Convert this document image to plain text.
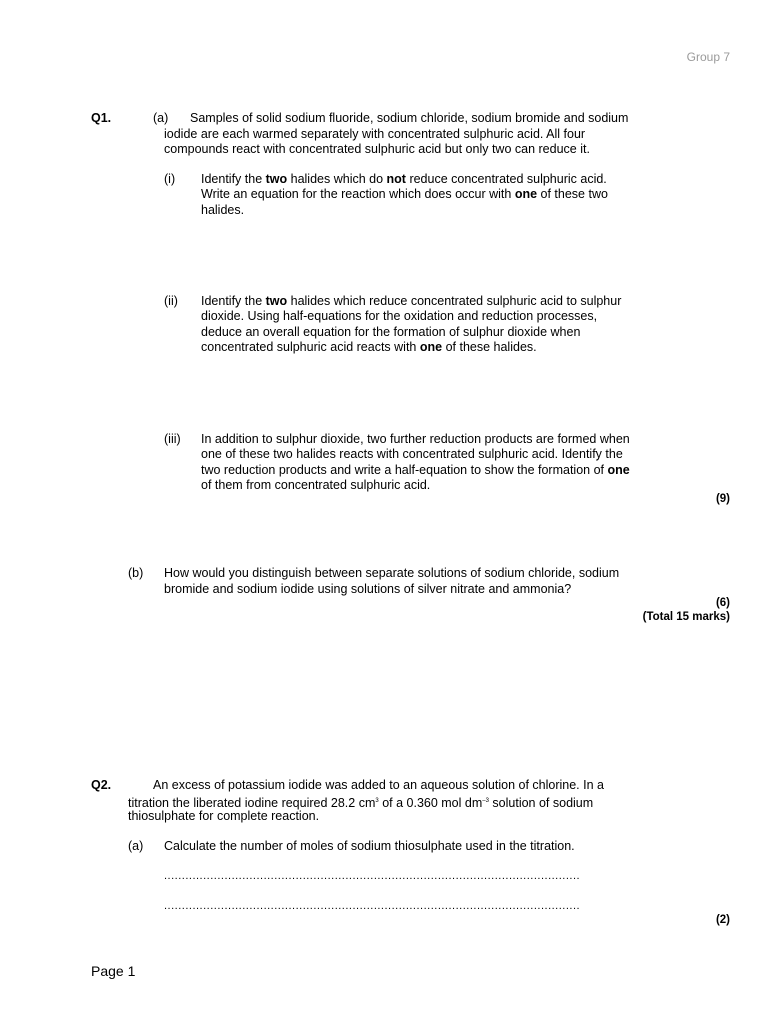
Group 7
Q1.	(a) Samples of solid sodium fluoride, sodium chloride, sodium bromide and sodium
iodide are each warmed separately with concentrated sulphuric acid. All four
compounds react with concentrated sulphuric acid but only two can reduce it.
(i) Identify the two halides which do not reduce concentrated sulphuric acid.
Write an equation for the reaction which does occur with one of these two
halides.
(ii) Identify the two halides which reduce concentrated sulphuric acid to sulphur
dioxide. Using half-equations for the oxidation and reduction processes,
deduce an overall equation for the formation of sulphur dioxide when
concentrated sulphuric acid reacts with one of these halides.
(iii) In addition to sulphur dioxide, two further reduction products are formed when
one of these two halides reacts with concentrated sulphuric acid. Identify the
two reduction products and write a half-equation to show the formation of one
of them from concentrated sulphuric acid.
(9)
(b) How would you distinguish between separate solutions of sodium chloride, sodium
bromide and sodium iodide using solutions of silver nitrate and ammonia?
(6)
(Total 15 marks)
Q2.	An excess of potassium iodide was added to an aqueous solution of chlorine. In a
titration the liberated iodine required 28.2 $cm^3$ of a 0.360 mol $dm^{-3}$ solution of sodium
thiosulphate for complete reaction.
(a) Calculate the number of moles of sodium thiosulphate used in the titration.
.....................................................................................................................
.....................................................................................................................
(2)
Page 1
